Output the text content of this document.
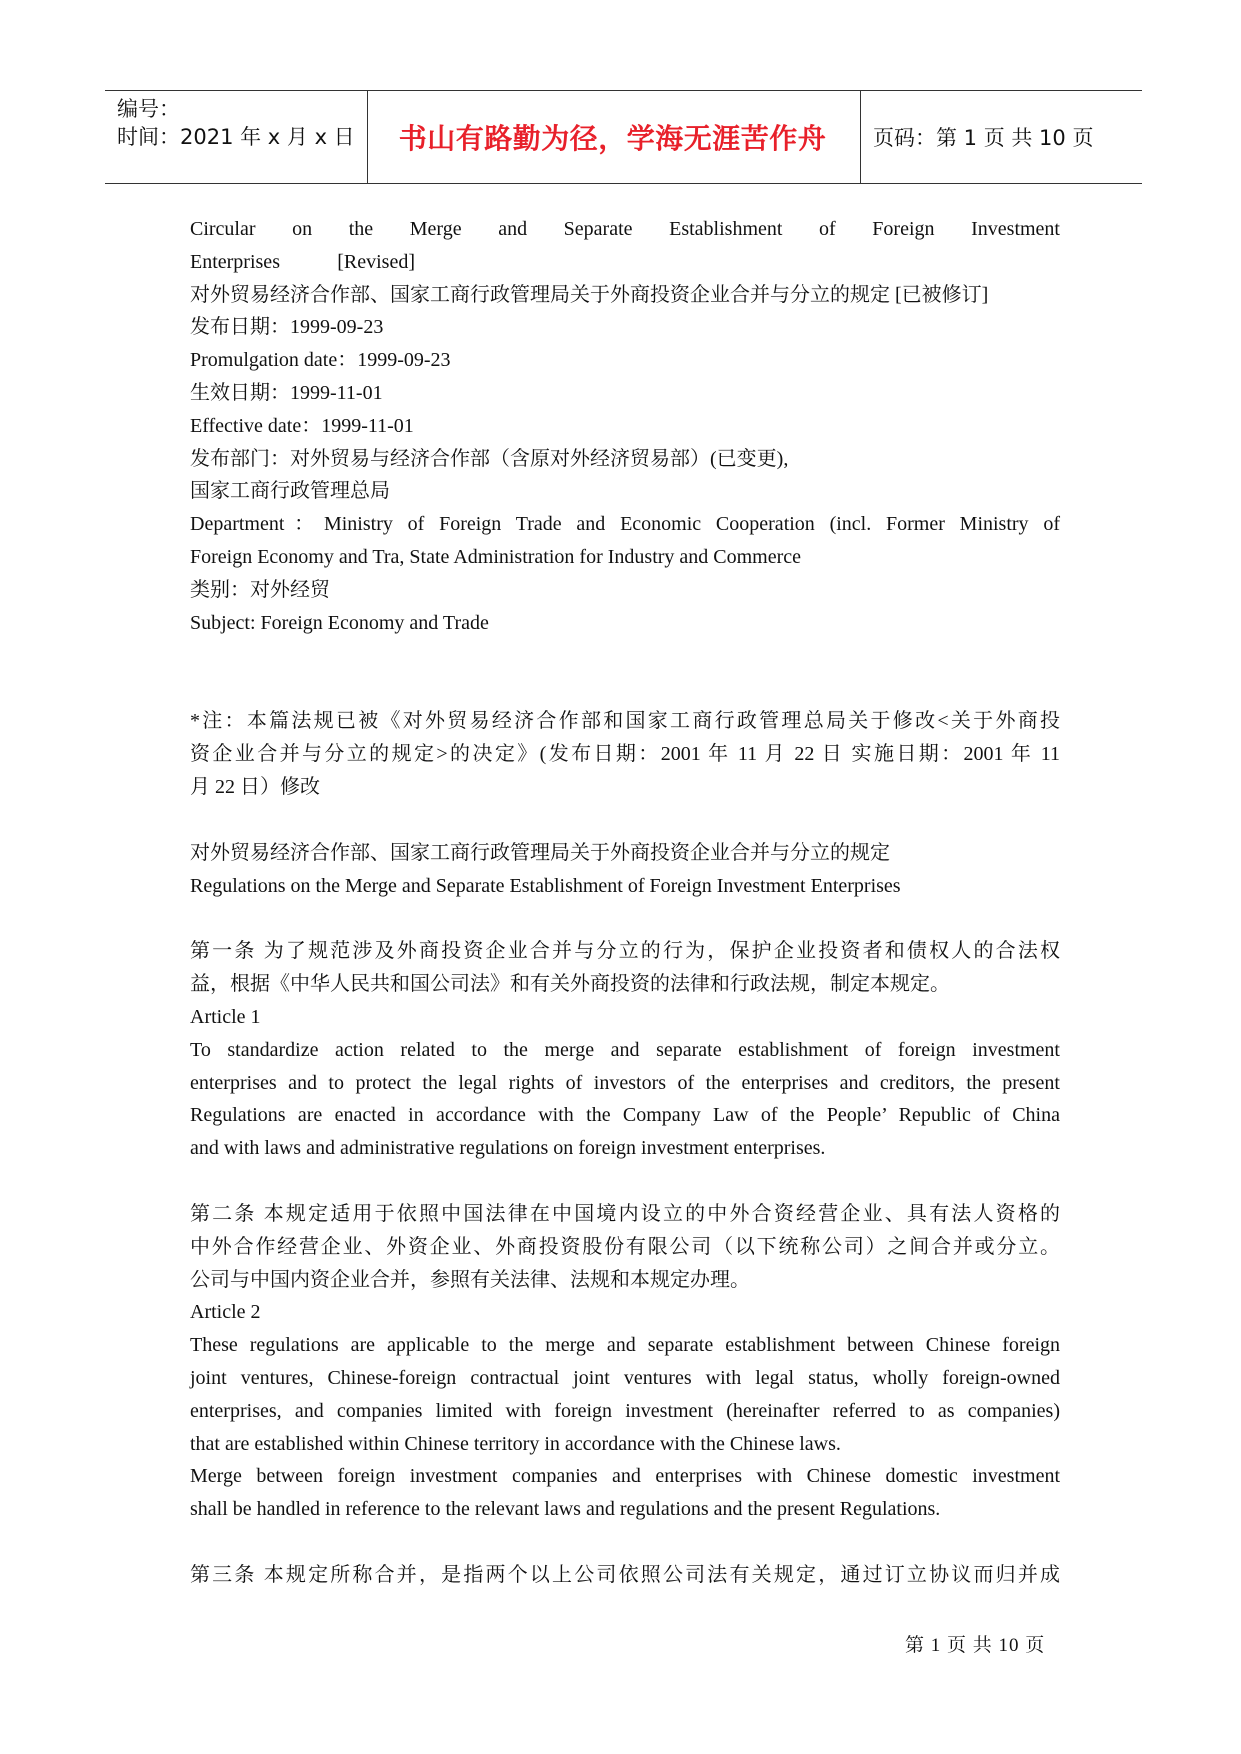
编号：
时间：2021 年 x 月 x 日	书山有路勤为径，学海无涯苦作舟	页码：第 1 页 共 10 页

Circular on the Merge and Separate Establishment of Foreign Investment

Enterprises [Revised]

对外贸易经济合作部、国家工商行政管理局关于外商投资企业合并与分立的规定 [已被修订]

发布日期：1999-09-23

Promulgation date：1999-09-23

生效日期：1999-11-01

Effective date：1999-11-01

发布部门：对外贸易与经济合作部（含原对外经济贸易部）(已变更),

国家工商行政管理总局

Department：Ministry of Foreign Trade and Economic Cooperation (incl. Former Ministry of

Foreign Economy and Tra, State Administration for Industry and Commerce

类别：对外经贸

Subject: Foreign Economy and Trade

*注：本篇法规已被《对外贸易经济合作部和国家工商行政管理总局关于修改<关于外商投

资企业合并与分立的规定>的决定》(发布日期：2001 年 11 月 22 日 实施日期：2001 年 11

月 22 日）修改

对外贸易经济合作部、国家工商行政管理局关于外商投资企业合并与分立的规定

Regulations on the Merge and Separate Establishment of Foreign Investment Enterprises

第一条 为了规范涉及外商投资企业合并与分立的行为，保护企业投资者和债权人的合法权

益，根据《中华人民共和国公司法》和有关外商投资的法律和行政法规，制定本规定。

Article 1

To standardize action related to the merge and separate establishment of foreign investment

enterprises and to protect the legal rights of investors of the enterprises and creditors, the present

Regulations are enacted in accordance with the Company Law of the People’ Republic of China

and with laws and administrative regulations on foreign investment enterprises.

第二条 本规定适用于依照中国法律在中国境内设立的中外合资经营企业、具有法人资格的

中外合作经营企业、外资企业、外商投资股份有限公司（以下统称公司）之间合并或分立。

公司与中国内资企业合并，参照有关法律、法规和本规定办理。

Article 2

These regulations are applicable to the merge and separate establishment between Chinese foreign

joint ventures, Chinese-foreign contractual joint ventures with legal status, wholly foreign-owned

enterprises, and companies limited with foreign investment (hereinafter referred to as companies)

that are established within Chinese territory in accordance with the Chinese laws.

Merge between foreign investment companies and enterprises with Chinese domestic investment

shall be handled in reference to the relevant laws and regulations and the present Regulations.

第三条 本规定所称合并，是指两个以上公司依照公司法有关规定，通过订立协议而归并成

第 1 页 共 10 页
